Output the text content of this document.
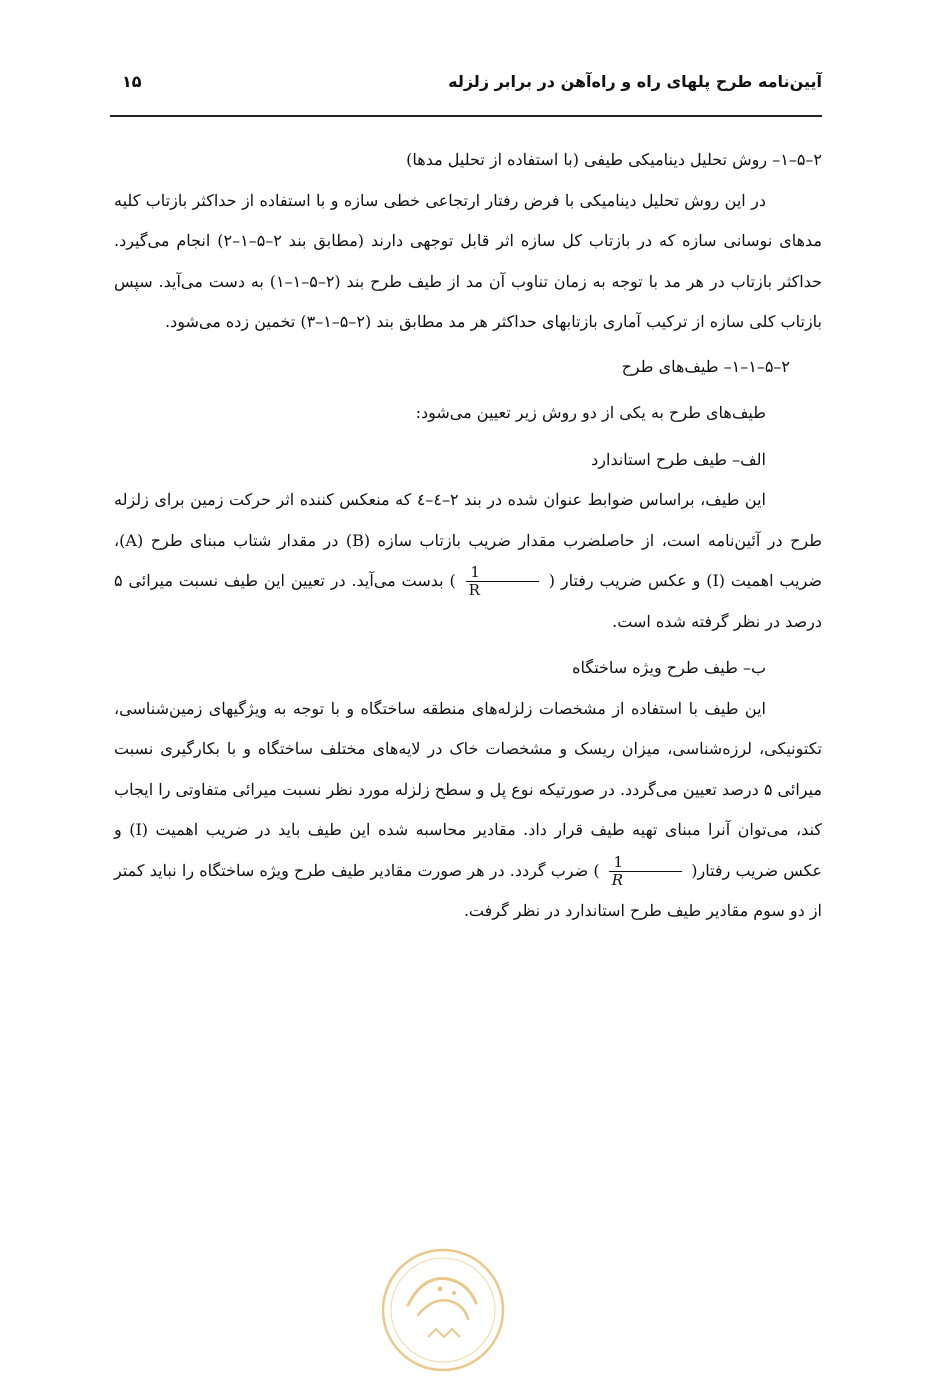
آیین‌نامه طرح پلهای راه و راه‌آهن در برابر زلزله
۱۵

۲–۵–۱– روش تحلیل دینامیکی طیفی (با استفاده از تحلیل مدها)

در این روش تحلیل دینامیکی با فرض رفتار ارتجاعی خطی سازه و با استفاده از حداکثر بازتاب کلیه مدهای نوسانی سازه که در بازتاب کل سازه اثر قابل توجهی دارند (مطابق بند ۲–۵–۱–۲) انجام می‌گیرد. حداکثر بازتاب در هر مد با توجه به زمان تناوب آن مد از طیف طرح بند (۲–۵–۱–۱) به دست می‌آید. سپس بازتاب کلی سازه از ترکیب آماری بازتابهای حداکثر هر مد مطابق بند (۲–۵–۱–۳) تخمین زده می‌شود.

۲–۵–۱–۱– طیف‌های طرح

طیف‌های طرح به یکی از دو روش زیر تعیین می‌شود:

الف– طیف طرح استاندارد

این طیف، براساس ضوابط عنوان شده در بند ۲–٤–٤ که منعکس کننده اثر حرکت زمین برای زلزله طرح در آئین‌نامه است، از حاصلضرب مقدار ضریب بازتاب سازه (B) در مقدار شتاب مبنای طرح (A)، ضریب اهمیت (I) و عکس ضریب رفتار (
$\frac{1}{R}$
) بدست می‌آید. در تعیین این طیف نسبت میرائی ۵ درصد در نظر گرفته شده است.

ب– طیف طرح ویژه ساختگاه

این طیف با استفاده از مشخصات زلزله‌های منطقه ساختگاه و با توجه به ویژگیهای زمین‌شناسی، تکتونیکی، لرزه‌شناسی، میزان ریسک و مشخصات خاک در لایه‌های مختلف ساختگاه و با بکارگیری نسبت میرائی ۵ درصد تعیین می‌گردد. در صورتیکه نوع پل و سطح زلزله مورد نظر نسبت میرائی متفاوتی را ایجاب کند، می‌توان آنرا مبنای تهیه طیف قرار داد. مقادیر محاسبه شده این طیف باید در ضریب اهمیت (I) و عکس ضریب رفتار(
$\frac{1}{R}$
) ضرب گردد. در هر صورت مقادیر طیف طرح ویژه ساختگاه را نباید کمتر از دو سوم مقادیر طیف طرح استاندارد در نظر گرفت.
